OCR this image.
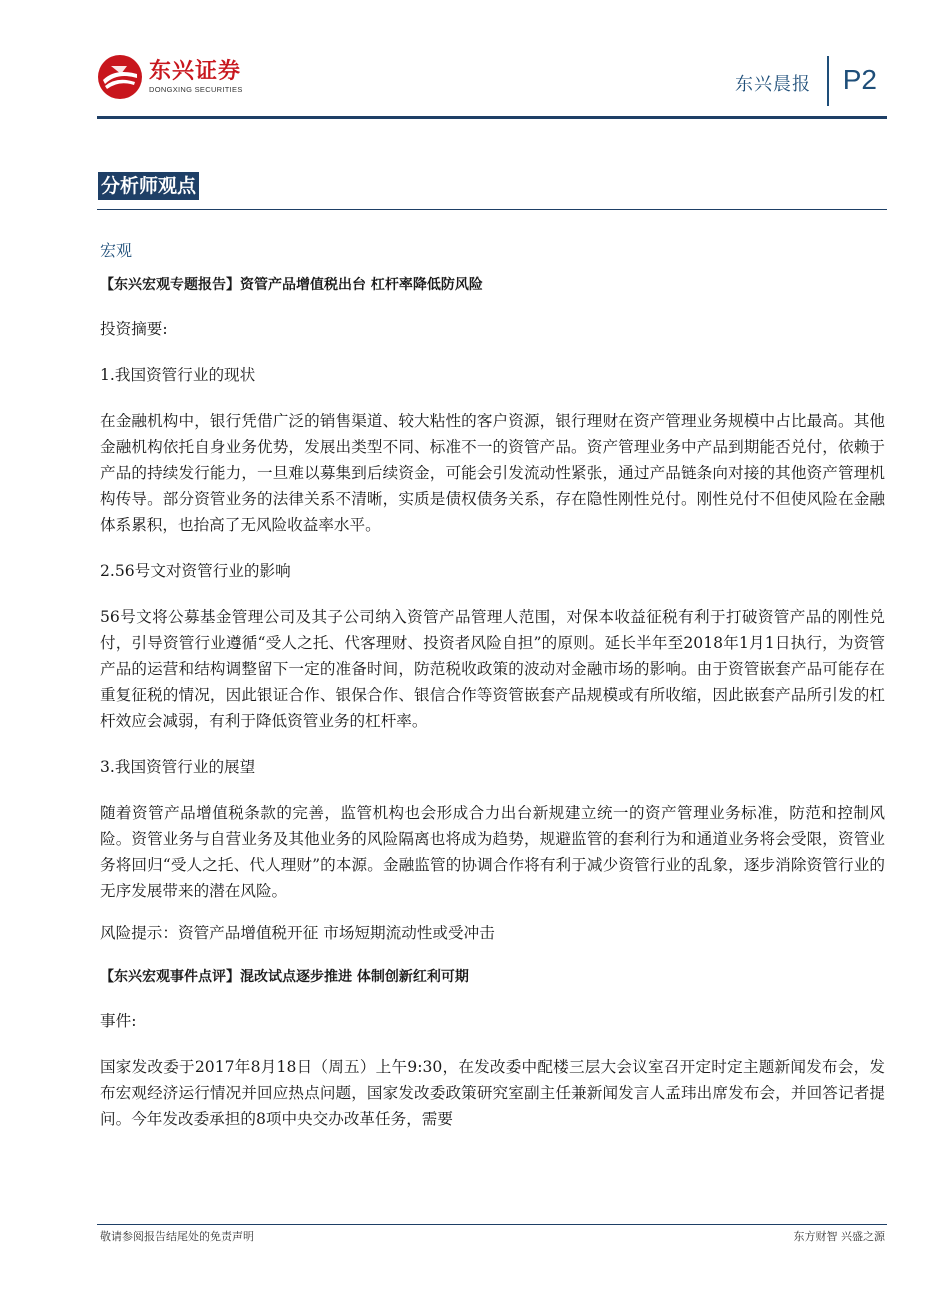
东兴证券
DONGXING SECURITIES	东兴晨报 P2
分析师观点
宏观

【东兴宏观专题报告】资管产品增值税出台 杠杆率降低防风险

投资摘要:

1.我国资管行业的现状

在金融机构中，银行凭借广泛的销售渠道、较大粘性的客户资源，银行理财在资产管理业务规模中占比最高。其他金融机构依托自身业务优势，发展出类型不同、标准不一的资管产品。资产管理业务中产品到期能否兑付，依赖于产品的持续发行能力，一旦难以募集到后续资金，可能会引发流动性紧张，通过产品链条向对接的其他资产管理机构传导。部分资管业务的法律关系不清晰，实质是债权债务关系，存在隐性刚性兑付。刚性兑付不但使风险在金融体系累积，也抬高了无风险收益率水平。

2.56号文对资管行业的影响

56号文将公募基金管理公司及其子公司纳入资管产品管理人范围，对保本收益征税有利于打破资管产品的刚性兑付，引导资管行业遵循“受人之托、代客理财、投资者风险自担”的原则。延长半年至2018年1月1日执行，为资管产品的运营和结构调整留下一定的准备时间，防范税收政策的波动对金融市场的影响。由于资管嵌套产品可能存在重复征税的情况，因此银证合作、银保合作、银信合作等资管嵌套产品规模或有所收缩，因此嵌套产品所引发的杠杆效应会减弱，有利于降低资管业务的杠杆率。

3.我国资管行业的展望

随着资管产品增值税条款的完善，监管机构也会形成合力出台新规建立统一的资产管理业务标准，防范和控制风险。资管业务与自营业务及其他业务的风险隔离也将成为趋势，规避监管的套利行为和通道业务将会受限，资管业务将回归“受人之托、代人理财”的本源。金融监管的协调合作将有利于减少资管行业的乱象，逐步消除资管行业的无序发展带来的潜在风险。

风险提示：资管产品增值税开征 市场短期流动性或受冲击

【东兴宏观事件点评】混改试点逐步推进 体制创新红利可期

事件:

国家发改委于2017年8月18日（周五）上午9:30，在发改委中配楼三层大会议室召开定时定主题新闻发布会，发布宏观经济运行情况并回应热点问题，国家发改委政策研究室副主任兼新闻发言人孟玮出席发布会，并回答记者提问。今年发改委承担的8项中央交办改革任务，需要

敬请参阅报告结尾处的免责声明	东方财智 兴盛之源
